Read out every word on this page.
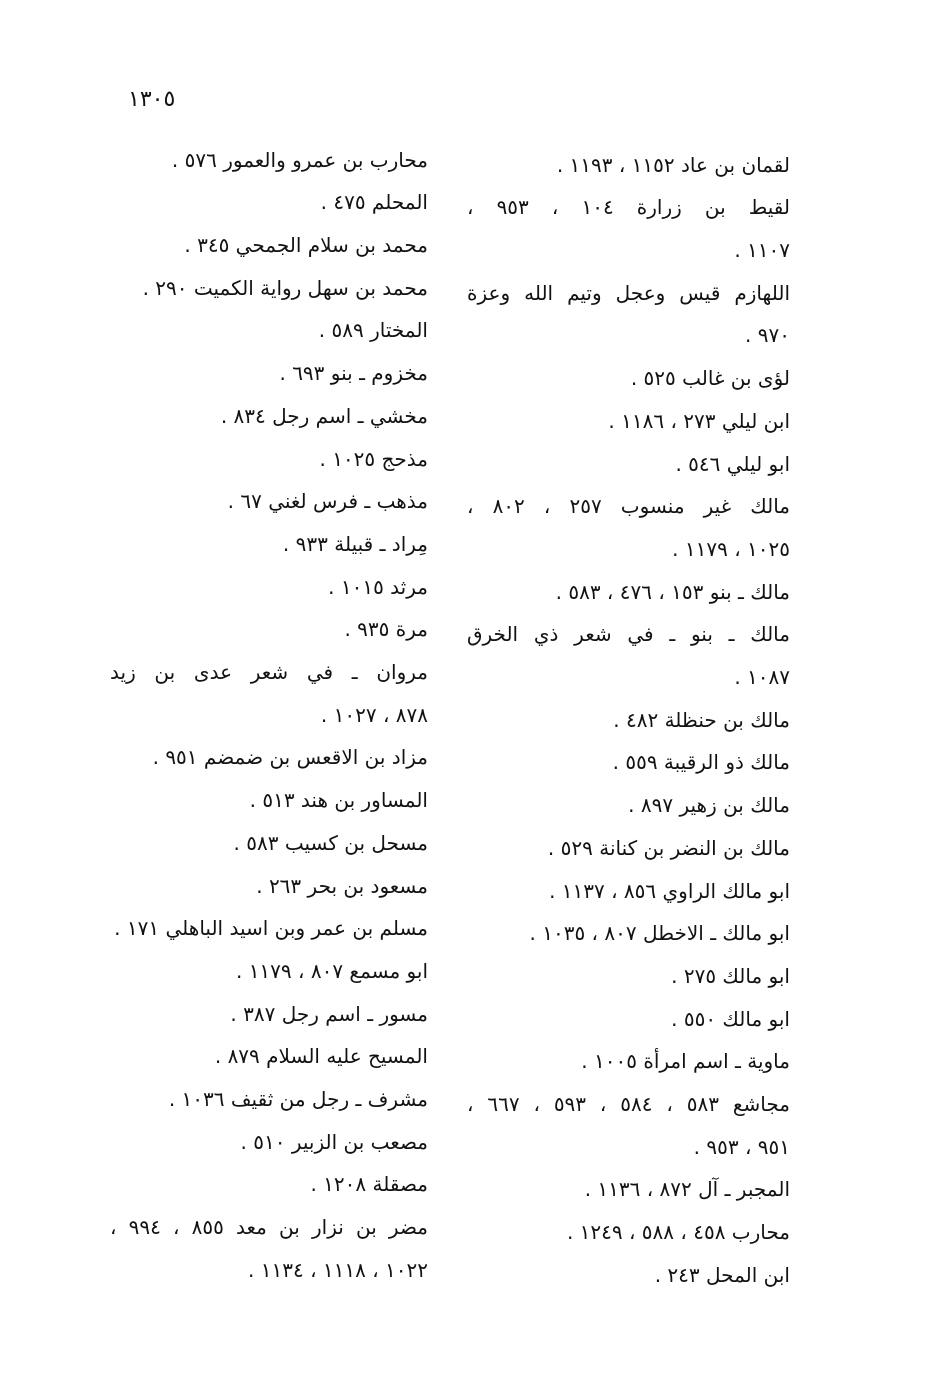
١٣٠٥
لقمان بن عاد ١١٥٢ ، ١١٩٣ .
لقيط بن زرارة ١٠٤ ، ٩٥٣ ،
١١٠٧ .
اللهازم قيس وعجل وتيم الله وعزة
٩٧٠ .
لؤى بن غالب ٥٢٥ .
ابن ليلي ٢٧٣ ، ١١٨٦ .
ابو ليلي ٥٤٦ .
مالك غير منسوب ٢٥٧ ، ٨٠٢ ،
١٠٢٥ ، ١١٧٩ .
مالك ـ بنو ١٥٣ ، ٤٧٦ ، ٥٨٣ .
مالك ـ بنو ـ في شعر ذي الخرق
١٠٨٧ .
مالك بن حنظلة ٤٨٢ .
مالك ذو الرقيبة ٥٥٩ .
مالك بن زهير ٨٩٧ .
مالك بن النضر بن كنانة ٥٢٩ .
ابو مالك الراوي ٨٥٦ ، ١١٣٧ .
ابو مالك ـ الاخطل ٨٠٧ ، ١٠٣٥ .
ابو مالك ٢٧٥ .
ابو مالك ٥٥٠ .
ماوية ـ اسم امرأة ١٠٠٥ .
مجاشع ٥٨٣ ، ٥٨٤ ، ٥٩٣ ، ٦٦٧ ،
٩٥١ ، ٩٥٣ .
المجبر ـ آل ٨٧٢ ، ١١٣٦ .
محارب ٤٥٨ ، ٥٨٨ ، ١٢٤٩ .
ابن المحل ٢٤٣ .
محارب بن عمرو والعمور ٥٧٦ .
المحلم ٤٧٥ .
محمد بن سلام الجمحي ٣٤٥ .
محمد بن سهل رواية الكميت ٢٩٠ .
المختار ٥٨٩ .
مخزوم ـ بنو ٦٩٣ .
مخشي ـ اسم رجل ٨٣٤ .
مذحج ١٠٢٥ .
مذهب ـ فرس لغني ٦٧ .
مِراد ـ قبيلة ٩٣٣ .
مرثد ١٠١٥ .
مرة ٩٣٥ .
مروان ـ في شعر عدى بن زيد
٨٧٨ ، ١٠٢٧ .
مزاد بن الاقعس بن ضمضم ٩٥١ .
المساور بن هند ٥١٣ .
مسحل بن كسيب ٥٨٣ .
مسعود بن بحر ٢٦٣ .
مسلم بن عمر وبن اسيد الباهلي ١٧١ .
ابو مسمع ٨٠٧ ، ١١٧٩ .
مسور ـ اسم رجل ٣٨٧ .
المسيح عليه السلام ٨٧٩ .
مشرف ـ رجل من ثقيف ١٠٣٦ .
مصعب بن الزبير ٥١٠ .
مصقلة ١٢٠٨ .
مضر بن نزار بن معد ٨٥٥ ، ٩٩٤ ،
١٠٢٢ ، ١١١٨ ، ١١٣٤ .
